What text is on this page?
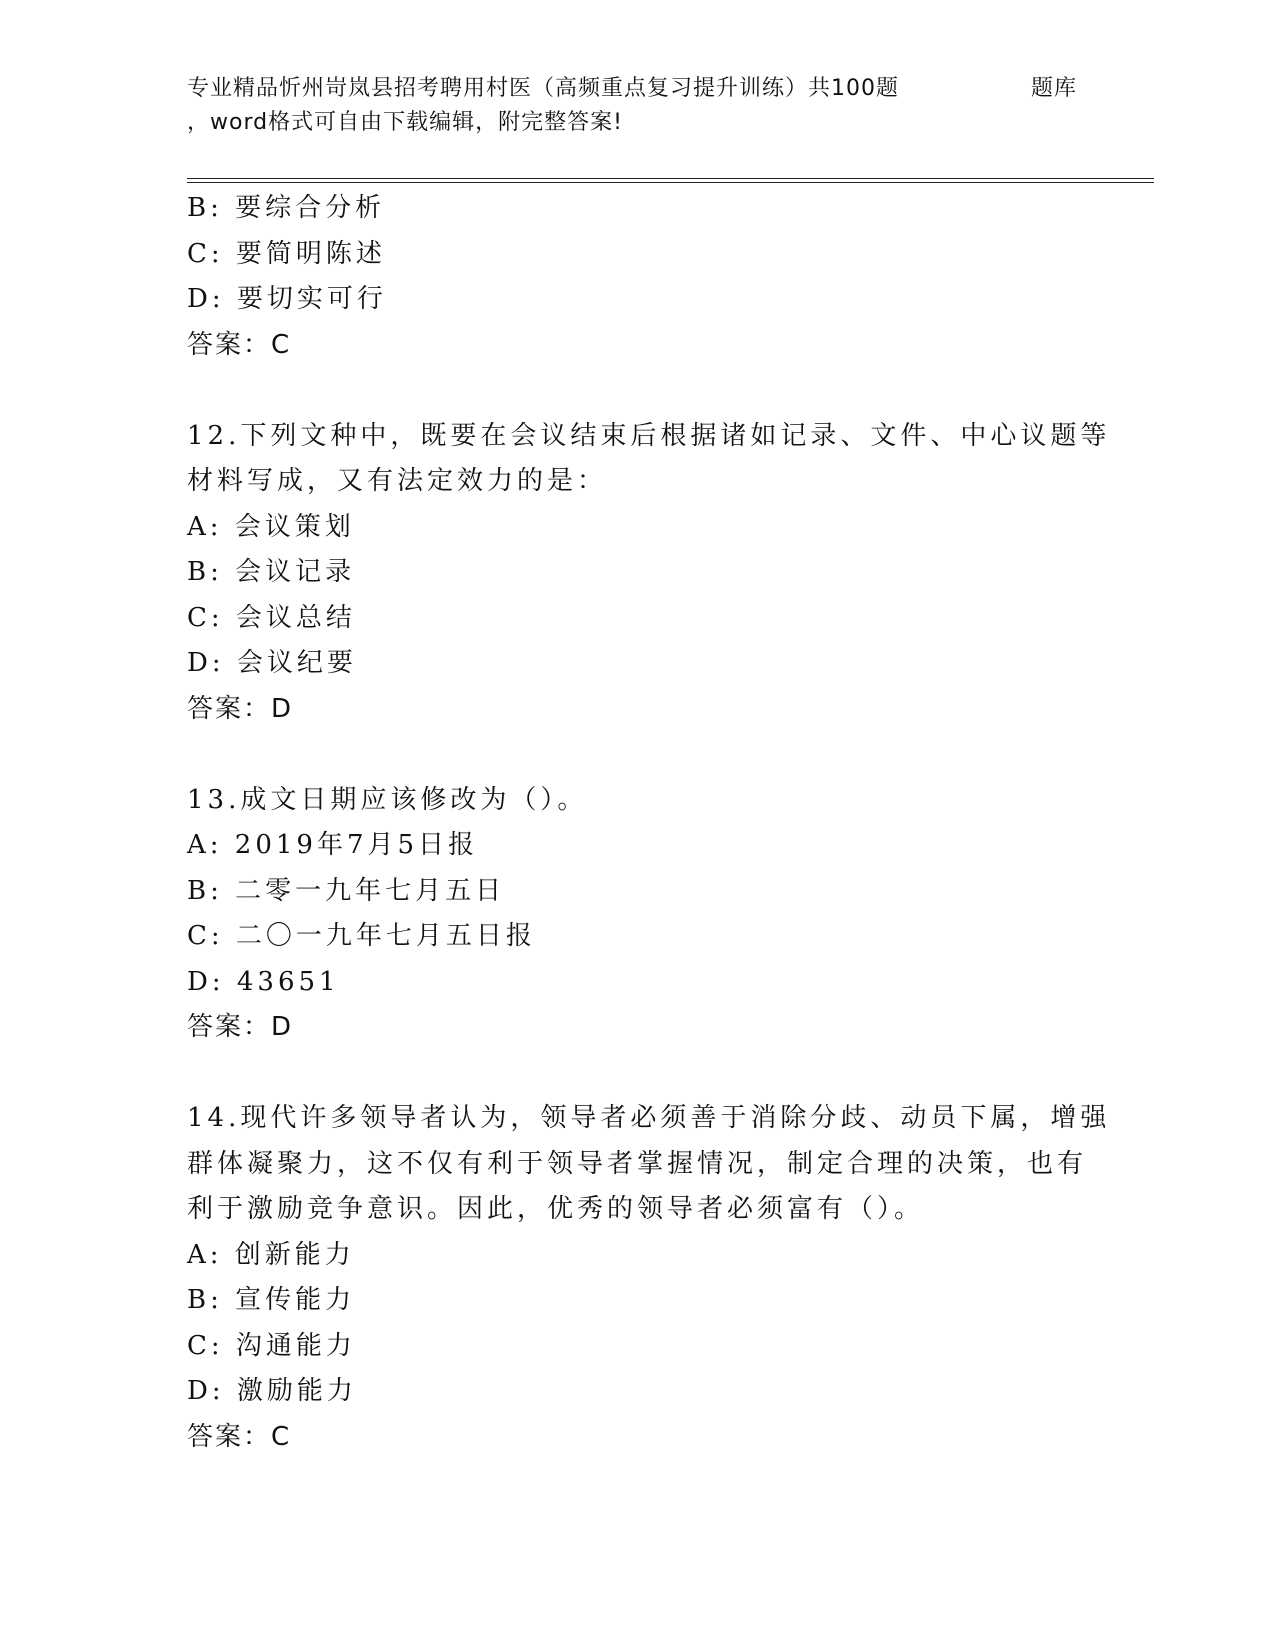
专业精品忻州岢岚县招考聘用村医（高频重点复习提升训练）共100题	题库
，word格式可自由下载编辑，附完整答案!
B: 要综合分析
C: 要简明陈述
D: 要切实可行
答案：C
12.下列文种中，既要在会议结束后根据诸如记录、文件、中心议题等
材料写成，又有法定效力的是：
A: 会议策划
B: 会议记录
C: 会议总结
D: 会议纪要
答案：D
13.成文日期应该修改为（）。
A: 2019年7月5日报
B: 二零一九年七月五日
C: 二〇一九年七月五日报
D: 43651
答案：D
14.现代许多领导者认为，领导者必须善于消除分歧、动员下属，增强
群体凝聚力，这不仅有利于领导者掌握情况，制定合理的决策，也有
利于激励竞争意识。因此，优秀的领导者必须富有（）。
A: 创新能力
B: 宣传能力
C: 沟通能力
D: 激励能力
答案：C
